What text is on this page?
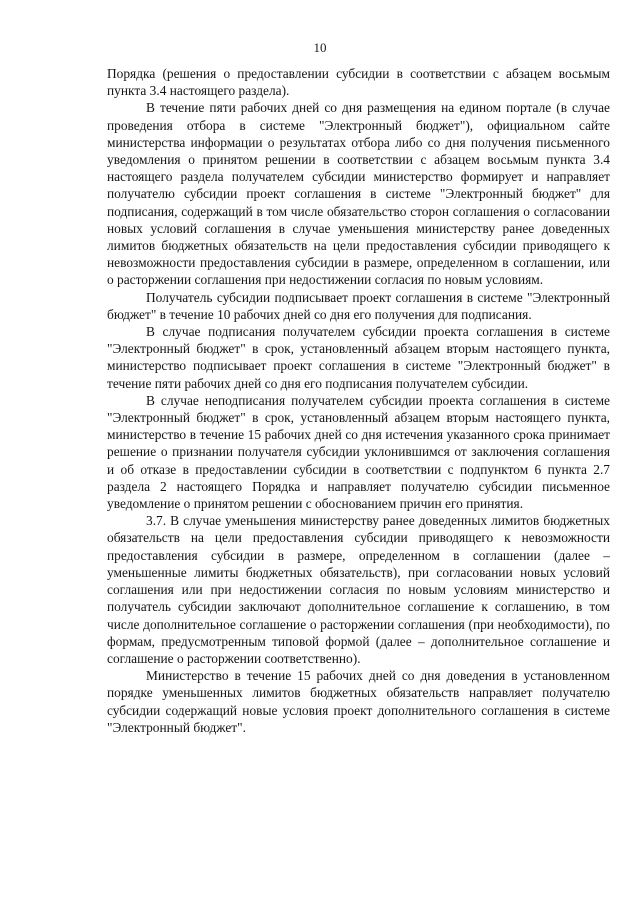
10

Порядка (решения о предоставлении субсидии в соответствии с абзацем восьмым пункта 3.4 настоящего раздела).

В течение пяти рабочих дней со дня размещения на едином портале (в случае проведения отбора в системе "Электронный бюджет"), официальном сайте министерства информации о результатах отбора либо со дня получения письменного уведомления о принятом решении в соответствии с абзацем восьмым пункта 3.4 настоящего раздела получателем субсидии министерство формирует и направляет получателю субсидии проект соглашения в системе "Электронный бюджет" для подписания, содержащий в том числе обязательство сторон соглашения о согласовании новых условий соглашения в случае уменьшения министерству ранее доведенных лимитов бюджетных обязательств на цели предоставления субсидии приводящего к невозможности предоставления субсидии в размере, определенном в соглашении, или о расторжении соглашения при недостижении согласия по новым условиям.

Получатель субсидии подписывает проект соглашения в системе "Электронный бюджет" в течение 10 рабочих дней со дня его получения для подписания.

В случае подписания получателем субсидии проекта соглашения в системе "Электронный бюджет" в срок, установленный абзацем вторым настоящего пункта, министерство подписывает проект соглашения в системе "Электронный бюджет" в течение пяти рабочих дней со дня его подписания получателем субсидии.

В случае неподписания получателем субсидии проекта соглашения в системе "Электронный бюджет" в срок, установленный абзацем вторым настоящего пункта, министерство в течение 15 рабочих дней со дня истечения указанного срока принимает решение о признании получателя субсидии уклонившимся от заключения соглашения и об отказе в предоставлении субсидии в соответствии с подпунктом 6 пункта 2.7 раздела 2 настоящего Порядка и направляет получателю субсидии письменное уведомление о принятом решении с обоснованием причин его принятия.

3.7. В случае уменьшения министерству ранее доведенных лимитов бюджетных обязательств на цели предоставления субсидии приводящего к невозможности предоставления субсидии в размере, определенном в соглашении (далее – уменьшенные лимиты бюджетных обязательств), при согласовании новых условий соглашения или при недостижении согласия по новым условиям министерство и получатель субсидии заключают дополнительное соглашение к соглашению, в том числе дополнительное соглашение о расторжении соглашения (при необходимости), по формам, предусмотренным типовой формой (далее – дополнительное соглашение и соглашение о расторжении соответственно).

Министерство в течение 15 рабочих дней со дня доведения в установленном порядке уменьшенных лимитов бюджетных обязательств направляет получателю субсидии содержащий новые условия проект дополнительного соглашения в системе "Электронный бюджет".
